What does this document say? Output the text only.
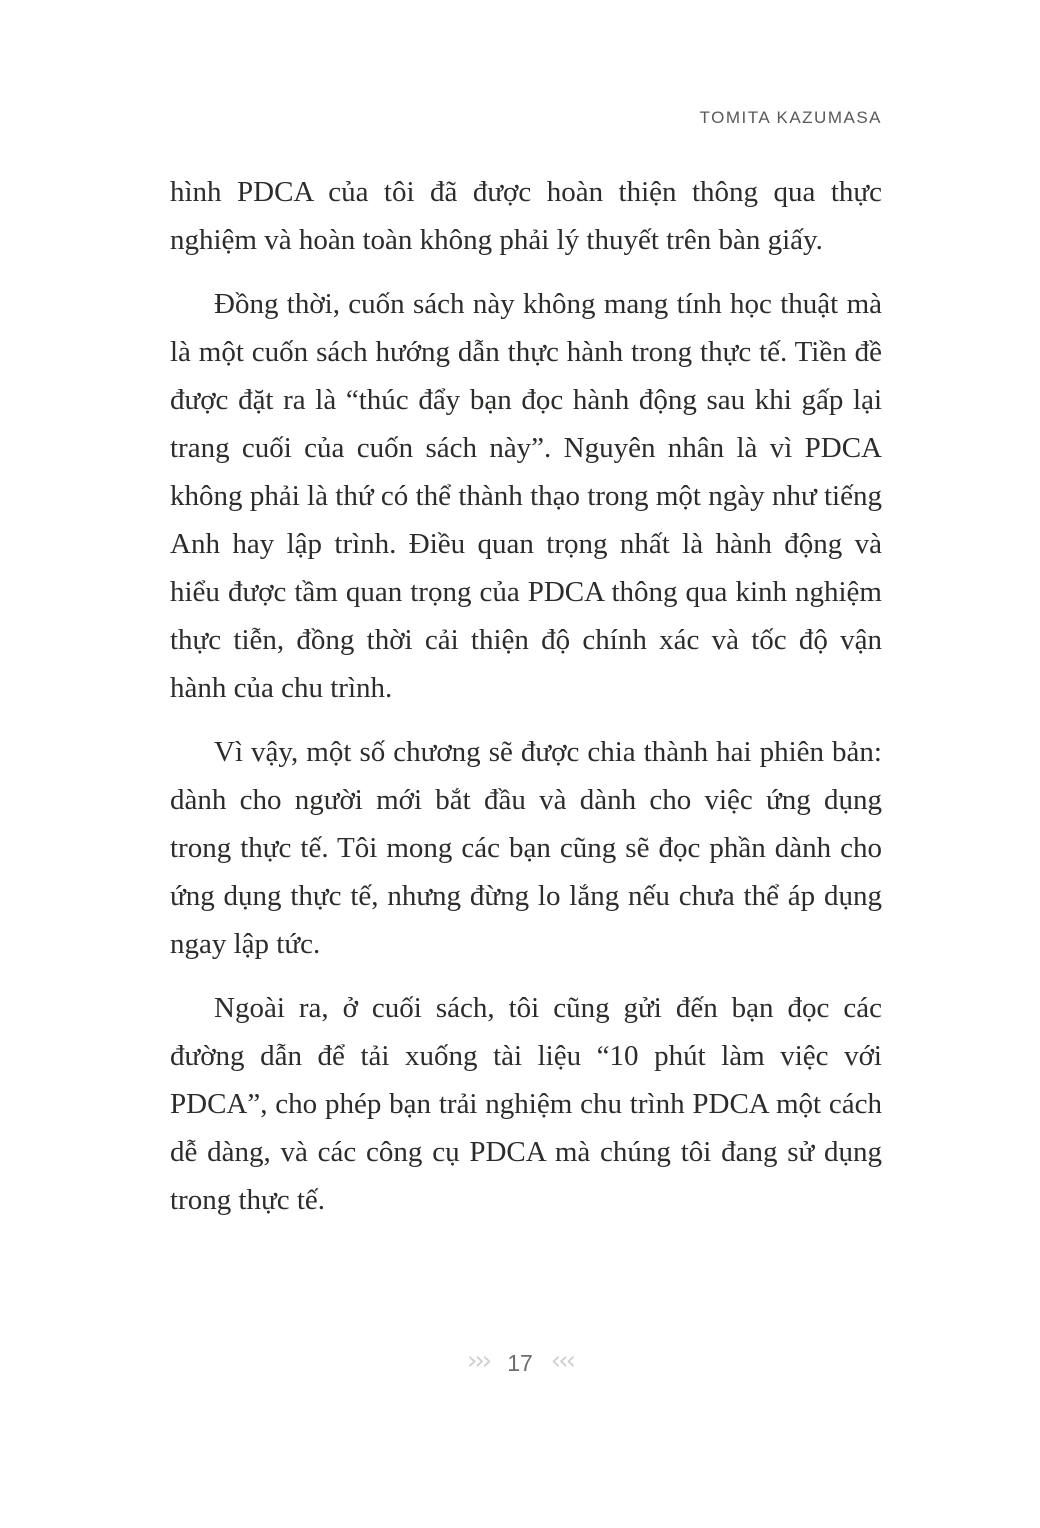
TOMITA KAZUMASA

hình PDCA của tôi đã được hoàn thiện thông qua thực nghiệm và hoàn toàn không phải lý thuyết trên bàn giấy.

Đồng thời, cuốn sách này không mang tính học thuật mà là một cuốn sách hướng dẫn thực hành trong thực tế. Tiền đề được đặt ra là “thúc đẩy bạn đọc hành động sau khi gấp lại trang cuối của cuốn sách này”. Nguyên nhân là vì PDCA không phải là thứ có thể thành thạo trong một ngày như tiếng Anh hay lập trình. Điều quan trọng nhất là hành động và hiểu được tầm quan trọng của PDCA thông qua kinh nghiệm thực tiễn, đồng thời cải thiện độ chính xác và tốc độ vận hành của chu trình.

Vì vậy, một số chương sẽ được chia thành hai phiên bản: dành cho người mới bắt đầu và dành cho việc ứng dụng trong thực tế. Tôi mong các bạn cũng sẽ đọc phần dành cho ứng dụng thực tế, nhưng đừng lo lắng nếu chưa thể áp dụng ngay lập tức.

Ngoài ra, ở cuối sách, tôi cũng gửi đến bạn đọc các đường dẫn để tải xuống tài liệu “10 phút làm việc với PDCA”, cho phép bạn trải nghiệm chu trình PDCA một cách dễ dàng, và các công cụ PDCA mà chúng tôi đang sử dụng trong thực tế.

››› 17 ‹‹‹
